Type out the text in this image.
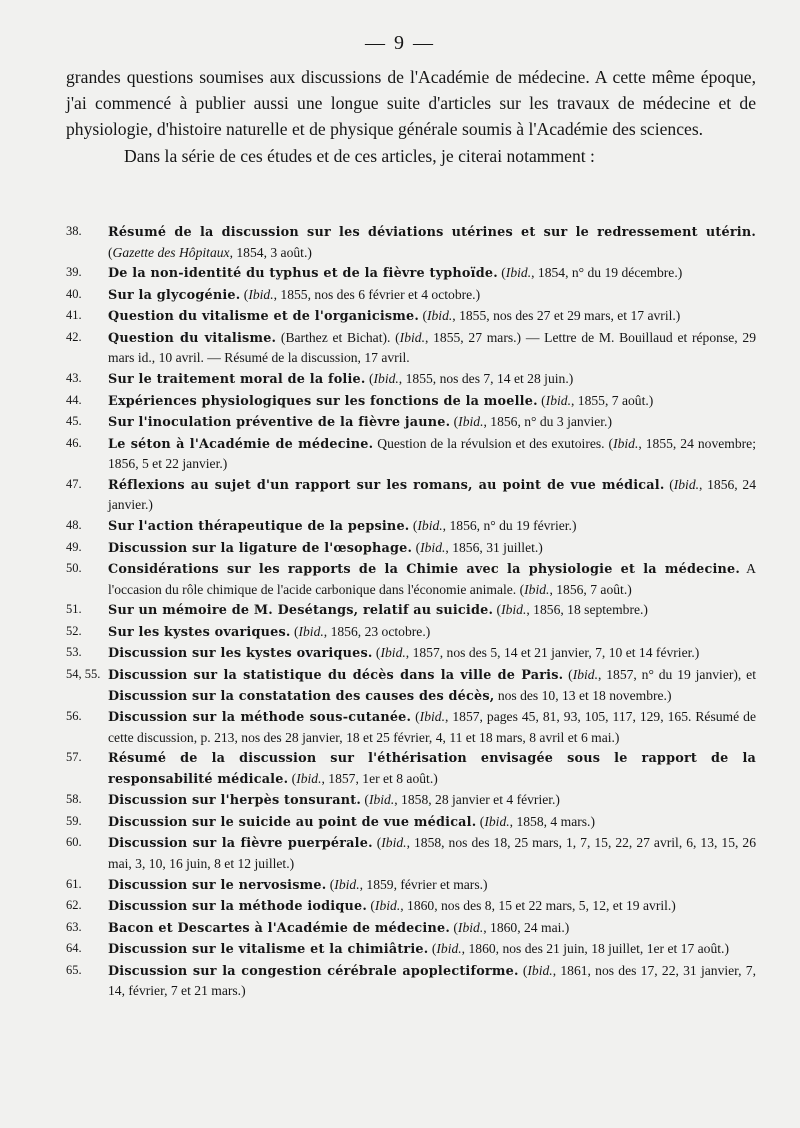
— 9 —

grandes questions soumises aux discussions de l'Académie de médecine. A cette même époque, j'ai commencé à publier aussi une longue suite d'articles sur les travaux de médecine et de physiologie, d'histoire naturelle et de physique générale soumis à l'Académie des sciences.

Dans la série de ces études et de ces articles, je citerai notamment :

38.	Résumé de la discussion sur les déviations utérines et sur le redressement utérin. (Gazette des Hôpitaux, 1854, 3 août.)
39.	De la non-identité du typhus et de la fièvre typhoïde. (Ibid., 1854, n° du 19 décembre.)
40.	Sur la glycogénie. (Ibid., 1855, nos des 6 février et 4 octobre.)
41.	Question du vitalisme et de l'organicisme. (Ibid., 1855, nos des 27 et 29 mars, et 17 avril.)
42.	Question du vitalisme. (Barthez et Bichat). (Ibid., 1855, 27 mars.) — Lettre de M. Bouillaud et réponse, 29 mars id., 10 avril. — Résumé de la discussion, 17 avril.
43.	Sur le traitement moral de la folie. (Ibid., 1855, nos des 7, 14 et 28 juin.)
44.	Expériences physiologiques sur les fonctions de la moelle. (Ibid., 1855, 7 août.)
45.	Sur l'inoculation préventive de la fièvre jaune. (Ibid., 1856, n° du 3 janvier.)
46.	Le séton à l'Académie de médecine. Question de la révulsion et des exutoires. (Ibid., 1855, 24 novembre; 1856, 5 et 22 janvier.)
47.	Réflexions au sujet d'un rapport sur les romans, au point de vue médical. (Ibid., 1856, 24 janvier.)
48.	Sur l'action thérapeutique de la pepsine. (Ibid., 1856, n° du 19 février.)
49.	Discussion sur la ligature de l'œsophage. (Ibid., 1856, 31 juillet.)
50.	Considérations sur les rapports de la Chimie avec la physiologie et la médecine. A l'occasion du rôle chimique de l'acide carbonique dans l'économie animale. (Ibid., 1856, 7 août.)
51.	Sur un mémoire de M. Desétangs, relatif au suicide. (Ibid., 1856, 18 septembre.)
52.	Sur les kystes ovariques. (Ibid., 1856, 23 octobre.)
53.	Discussion sur les kystes ovariques. (Ibid., 1857, nos des 5, 14 et 21 janvier, 7, 10 et 14 février.)
54, 55. Discussion sur la statistique du décès dans la ville de Paris. (Ibid., 1857, n° du 19 janvier), et Discussion sur la constatation des causes des décès, nos des 10, 13 et 18 novembre.)
56.	Discussion sur la méthode sous-cutanée. (Ibid., 1857, pages 45, 81, 93, 105, 117, 129, 165. Résumé de cette discussion, p. 213, nos des 28 janvier, 18 et 25 février, 4, 11 et 18 mars, 8 avril et 6 mai.)
57.	Résumé de la discussion sur l'éthérisation envisagée sous le rapport de la responsabilité médicale. (Ibid., 1857, 1er et 8 août.)
58.	Discussion sur l'herpès tonsurant. (Ibid., 1858, 28 janvier et 4 février.)
59.	Discussion sur le suicide au point de vue médical. (Ibid., 1858, 4 mars.)
60.	Discussion sur la fièvre puerpérale. (Ibid., 1858, nos des 18, 25 mars, 1, 7, 15, 22, 27 avril, 6, 13, 15, 26 mai, 3, 10, 16 juin, 8 et 12 juillet.)
61.	Discussion sur le nervosisme. (Ibid., 1859, février et mars.)
62.	Discussion sur la méthode iodique. (Ibid., 1860, nos des 8, 15 et 22 mars, 5, 12, et 19 avril.)
63.	Bacon et Descartes à l'Académie de médecine. (Ibid., 1860, 24 mai.)
64.	Discussion sur le vitalisme et la chimiâtrie. (Ibid., 1860, nos des 21 juin, 18 juillet, 1er et 17 août.)
65.	Discussion sur la congestion cérébrale apoplectiforme. (Ibid., 1861, nos des 17, 22, 31 janvier, 7, 14, février, 7 et 21 mars.)
